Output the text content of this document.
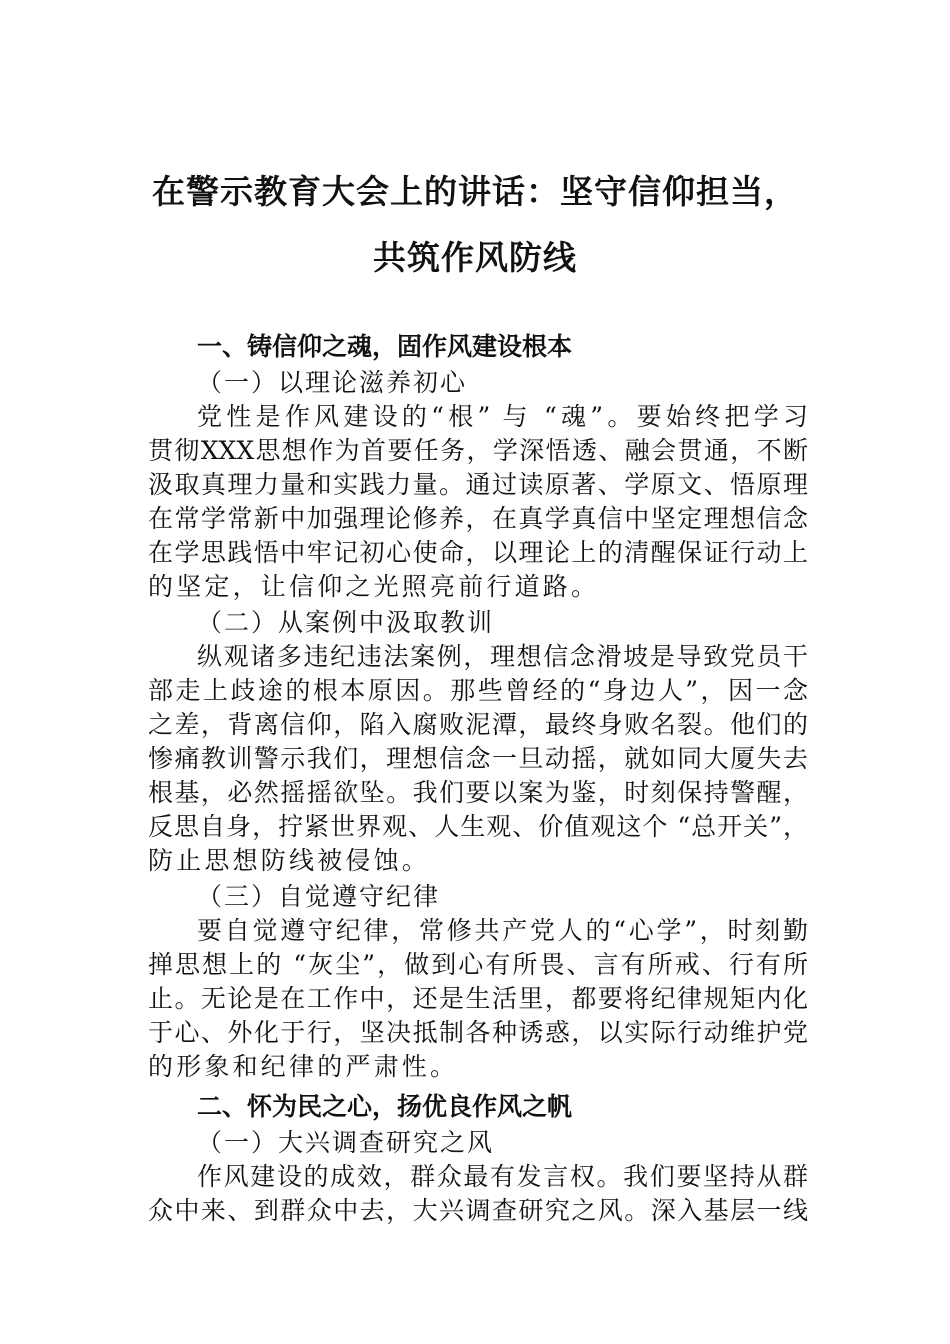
在警示教育大会上的讲话：坚守信仰担当，
共筑作风防线
一、铸信仰之魂，固作风建设根本
（一）以理论滋养初心
党性是作风建设的“根” 与 “魂”。要始终把学习
贯彻XXX思想作为首要任务，学深悟透、融会贯通，不断
汲取真理力量和实践力量。通过读原著、学原文、悟原理
在常学常新中加强理论修养，在真学真信中坚定理想信念
在学思践悟中牢记初心使命，以理论上的清醒保证行动上
的坚定，让信仰之光照亮前行道路。
（二）从案例中汲取教训
纵观诸多违纪违法案例，理想信念滑坡是导致党员干
部走上歧途的根本原因。那些曾经的“身边人”，因一念
之差，背离信仰，陷入腐败泥潭，最终身败名裂。他们的
惨痛教训警示我们，理想信念一旦动摇，就如同大厦失去
根基，必然摇摇欲坠。我们要以案为鉴，时刻保持警醒，
反思自身，拧紧世界观、人生观、价值观这个 “总开关”，
防止思想防线被侵蚀。
（三）自觉遵守纪律
要自觉遵守纪律，常修共产党人的“心学”，时刻勤
掸思想上的 “灰尘”，做到心有所畏、言有所戒、行有所
止。无论是在工作中，还是生活里，都要将纪律规矩内化
于心、外化于行，坚决抵制各种诱惑，以实际行动维护党
的形象和纪律的严肃性。
二、怀为民之心，扬优良作风之帆
（一）大兴调查研究之风
作风建设的成效，群众最有发言权。我们要坚持从群
众中来、到群众中去，大兴调查研究之风。深入基层一线
